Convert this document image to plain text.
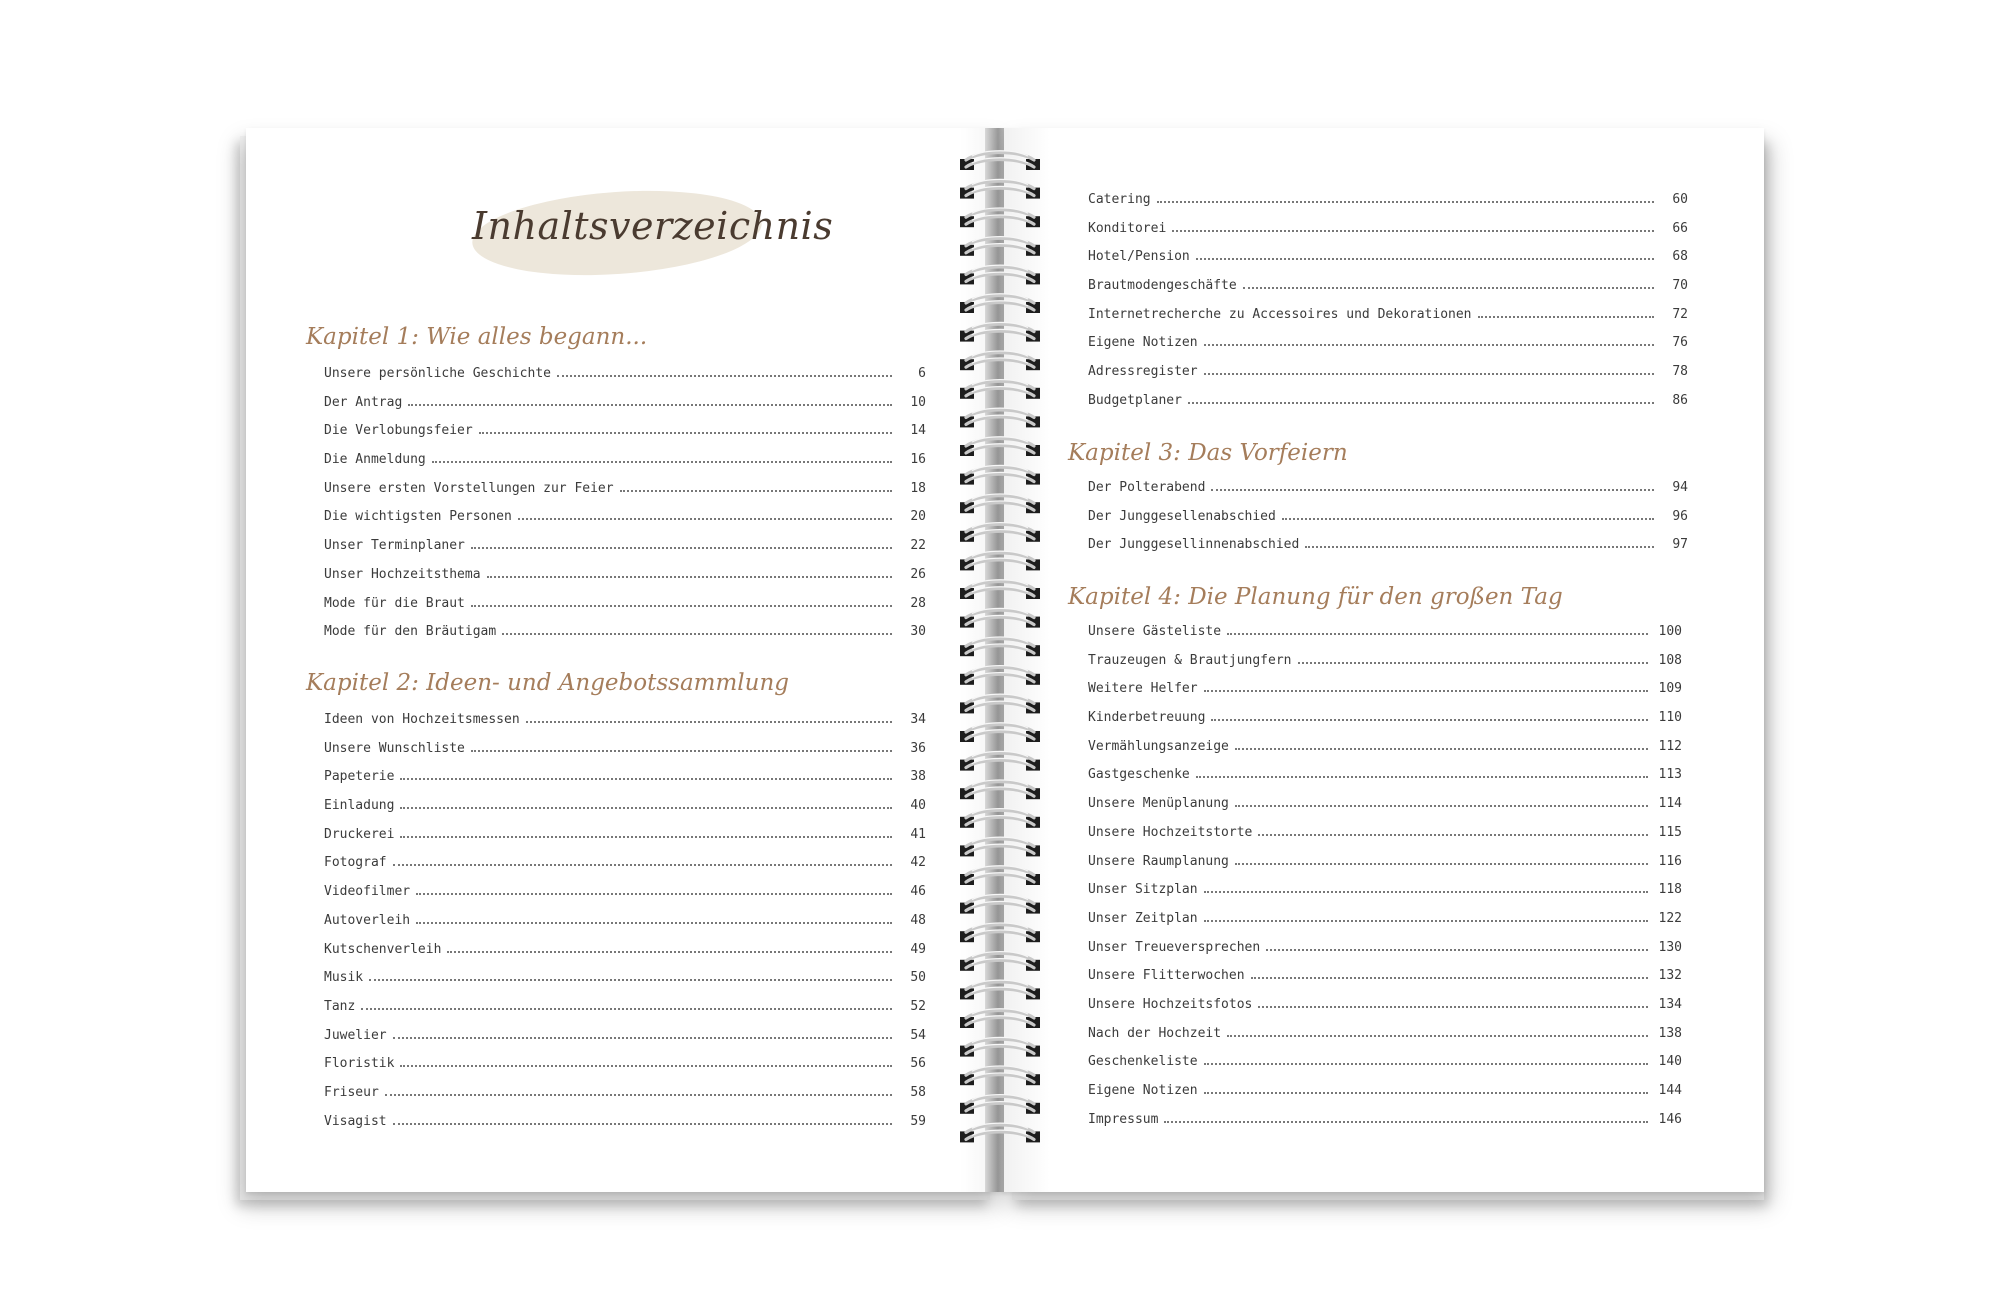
Inhaltsverzeichnis
Kapitel 1: Wie alles begann...
Unsere persönliche Geschichte	6
Der Antrag	10
Die Verlobungsfeier	14
Die Anmeldung	16
Unsere ersten Vorstellungen zur Feier	18
Die wichtigsten Personen	20
Unser Terminplaner	22
Unser Hochzeitsthema	26
Mode für die Braut	28
Mode für den Bräutigam	30
Kapitel 2: Ideen- und Angebotssammlung
Ideen von Hochzeitsmessen	34
Unsere Wunschliste	36
Papeterie	38
Einladung	40
Druckerei	41
Fotograf	42
Videofilmer	46
Autoverleih	48
Kutschenverleih	49
Musik	50
Tanz	52
Juwelier	54
Floristik	56
Friseur	58
Visagist	59
Catering	60
Konditorei	66
Hotel/Pension	68
Brautmodengeschäfte	70
Internetrecherche zu Accessoires und Dekorationen	72
Eigene Notizen	76
Adressregister	78
Budgetplaner	86
Kapitel 3: Das Vorfeiern
Der Polterabend	94
Der Junggesellenabschied	96
Der Junggesellinnenabschied	97
Kapitel 4: Die Planung für den großen Tag
Unsere Gästeliste	100
Trauzeugen & Brautjungfern	108
Weitere Helfer	109
Kinderbetreuung	110
Vermählungsanzeige	112
Gastgeschenke	113
Unsere Menüplanung	114
Unsere Hochzeitstorte	115
Unsere Raumplanung	116
Unser Sitzplan	118
Unser Zeitplan	122
Unser Treueversprechen	130
Unsere Flitterwochen	132
Unsere Hochzeitsfotos	134
Nach der Hochzeit	138
Geschenkeliste	140
Eigene Notizen	144
Impressum	146
